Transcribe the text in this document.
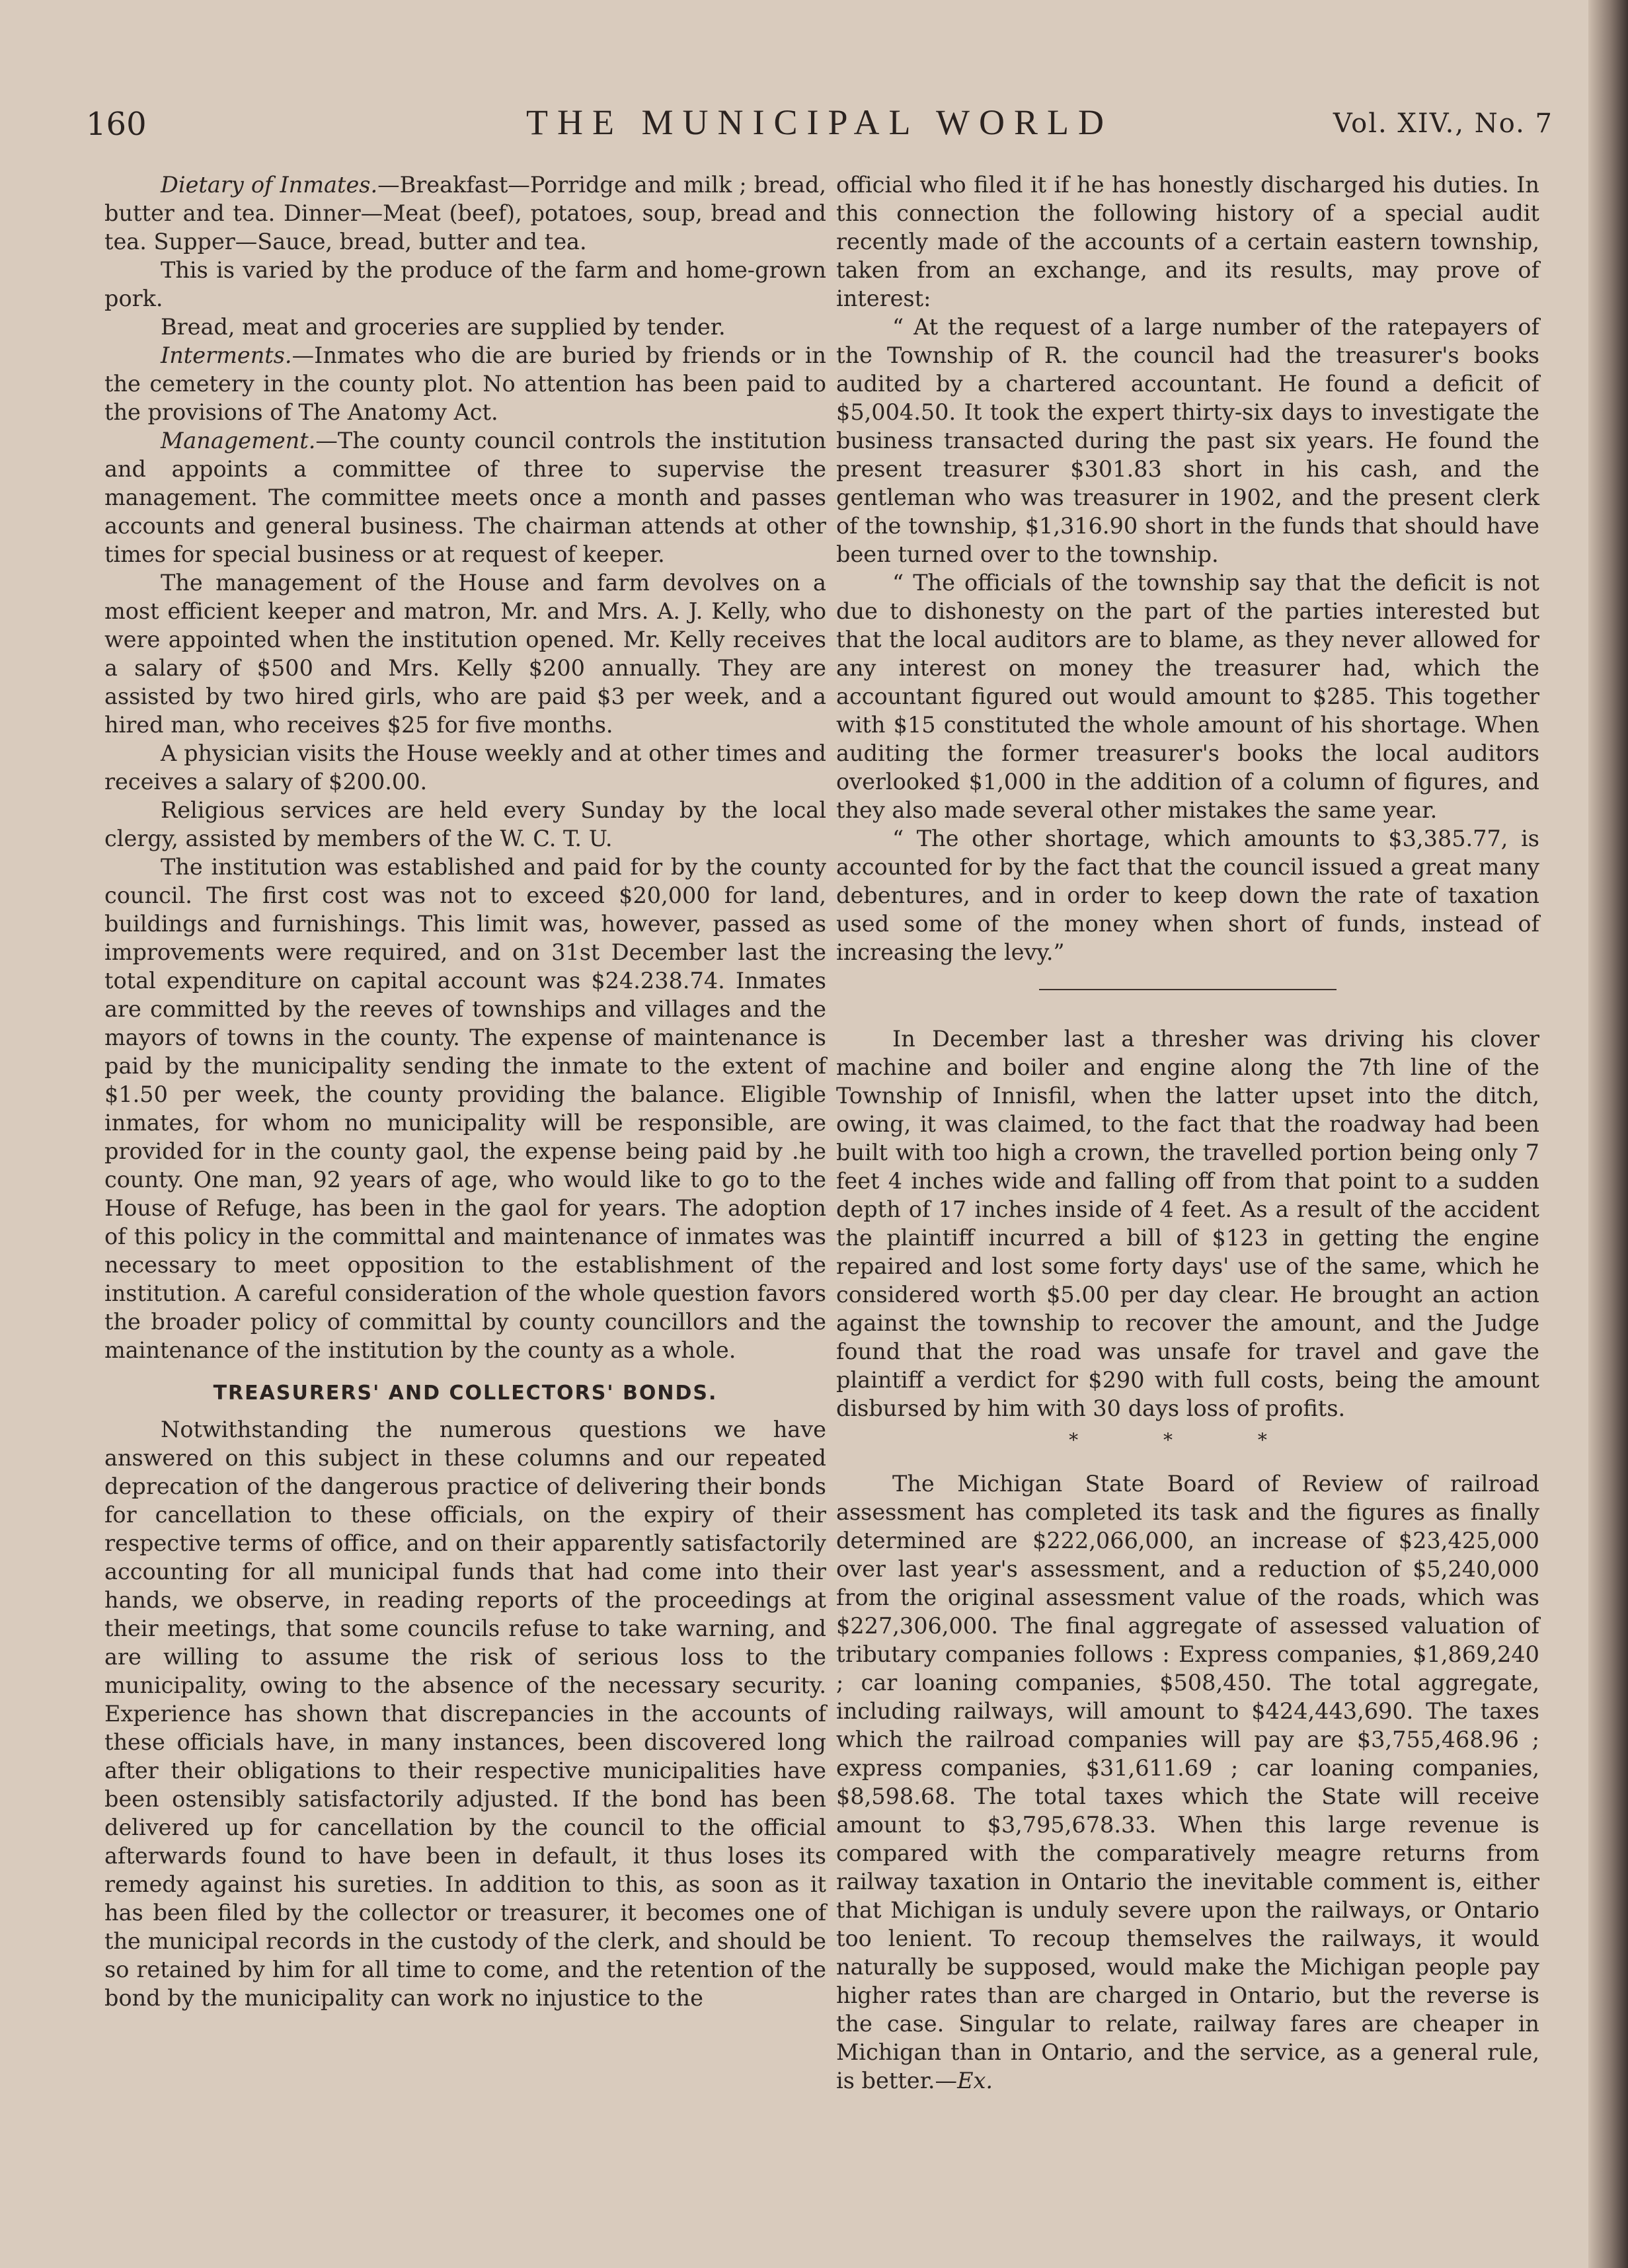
160	THE MUNICIPAL WORLD	Vol. XIV., No. 7

Dietary of Inmates.—Breakfast—Porridge and milk ; bread, butter and tea. Dinner—Meat (beef), potatoes, soup, bread and tea. Supper—Sauce, bread, butter and tea.

This is varied by the produce of the farm and home-grown pork.

Bread, meat and groceries are supplied by tender.

Interments.—Inmates who die are buried by friends or in the cemetery in the county plot. No attention has been paid to the provisions of The Anatomy Act.

Management.—The county council controls the institution and appoints a committee of three to supervise the management. The committee meets once a month and passes accounts and general business. The chairman attends at other times for special business or at request of keeper.

The management of the House and farm devolves on a most efficient keeper and matron, Mr. and Mrs. A. J. Kelly, who were appointed when the institution opened. Mr. Kelly receives a salary of $500 and Mrs. Kelly $200 annually. They are assisted by two hired girls, who are paid $3 per week, and a hired man, who receives $25 for five months.

A physician visits the House weekly and at other times and receives a salary of $200.00.

Religious services are held every Sunday by the local clergy, assisted by members of the W. C. T. U.

The institution was established and paid for by the county council. The first cost was not to exceed $20,000 for land, buildings and furnishings. This limit was, however, passed as improvements were required, and on 31st December last the total expenditure on capital account was $24.238.74. Inmates are committed by the reeves of townships and villages and the mayors of towns in the county. The expense of maintenance is paid by the municipality sending the inmate to the extent of $1.50 per week, the county providing the balance. Eligible inmates, for whom no municipality will be responsible, are provided for in the county gaol, the expense being paid by .he county. One man, 92 years of age, who would like to go to the House of Refuge, has been in the gaol for years. The adoption of this policy in the committal and maintenance of inmates was necessary to meet opposition to the establishment of the institution. A careful consideration of the whole question favors the broader policy of committal by county councillors and the maintenance of the institution by the county as a whole.

TREASURERS' AND COLLECTORS' BONDS.

Notwithstanding the numerous questions we have answered on this subject in these columns and our repeated deprecation of the dangerous practice of delivering their bonds for cancellation to these officials, on the expiry of their respective terms of office, and on their apparently satisfactorily accounting for all municipal funds that had come into their hands, we observe, in reading reports of the proceedings at their meetings, that some councils refuse to take warning, and are willing to assume the risk of serious loss to the municipality, owing to the absence of the necessary security. Experience has shown that discrepancies in the accounts of these officials have, in many instances, been discovered long after their obligations to their respective municipalities have been ostensibly satisfactorily adjusted. If the bond has been delivered up for cancellation by the council to the official afterwards found to have been in default, it thus loses its remedy against his sureties. In addition to this, as soon as it has been filed by the collector or treasurer, it becomes one of the municipal records in the custody of the clerk, and should be so retained by him for all time to come, and the retention of the bond by the municipality can work no injustice to the

official who filed it if he has honestly discharged his duties. In this connection the following history of a special audit recently made of the accounts of a certain eastern township, taken from an exchange, and its results, may prove of interest:

“ At the request of a large number of the ratepayers of the Township of R. the council had the treasurer's books audited by a chartered accountant. He found a deficit of $5,004.50. It took the expert thirty-six days to investigate the business transacted during the past six years. He found the present treasurer $301.83 short in his cash, and the gentleman who was treasurer in 1902, and the present clerk of the township, $1,316.90 short in the funds that should have been turned over to the township.

“ The officials of the township say that the deficit is not due to dishonesty on the part of the parties interested but that the local auditors are to blame, as they never allowed for any interest on money the treasurer had, which the accountant figured out would amount to $285. This together with $15 constituted the whole amount of his shortage. When auditing the former treasurer's books the local auditors overlooked $1,000 in the addition of a column of figures, and they also made several other mistakes the same year.

“ The other shortage, which amounts to $3,385.77, is accounted for by the fact that the council issued a great many debentures, and in order to keep down the rate of taxation used some of the money when short of funds, instead of increasing the levy.”

In December last a thresher was driving his clover machine and boiler and engine along the 7th line of the Township of Innisfil, when the latter upset into the ditch, owing, it was claimed, to the fact that the roadway had been built with too high a crown, the travelled portion being only 7 feet 4 inches wide and falling off from that point to a sudden depth of 17 inches inside of 4 feet. As a result of the accident the plaintiff incurred a bill of $123 in getting the engine repaired and lost some forty days' use of the same, which he considered worth $5.00 per day clear. He brought an action against the township to recover the amount, and the Judge found that the road was unsafe for travel and gave the plaintiff a verdict for $290 with full costs, being the amount disbursed by him with 30 days loss of profits.

* * *

The Michigan State Board of Review of railroad assessment has completed its task and the figures as finally determined are $222,066,000, an increase of $23,425,000 over last year's assessment, and a reduction of $5,240,000 from the original assessment value of the roads, which was $227,306,000. The final aggregate of assessed valuation of tributary companies follows : Express companies, $1,869,240 ; car loaning companies, $508,450. The total aggregate, including railways, will amount to $424,443,690. The taxes which the railroad companies will pay are $3,755,468.96 ; express companies, $31,611.69 ; car loaning companies, $8,598.68. The total taxes which the State will receive amount to $3,795,678.33. When this large revenue is compared with the comparatively meagre returns from railway taxation in Ontario the inevitable comment is, either that Michigan is unduly severe upon the railways, or Ontario too lenient. To recoup themselves the railways, it would naturally be supposed, would make the Michigan people pay higher rates than are charged in Ontario, but the reverse is the case. Singular to relate, railway fares are cheaper in Michigan than in Ontario, and the service, as a general rule, is better.—Ex.
